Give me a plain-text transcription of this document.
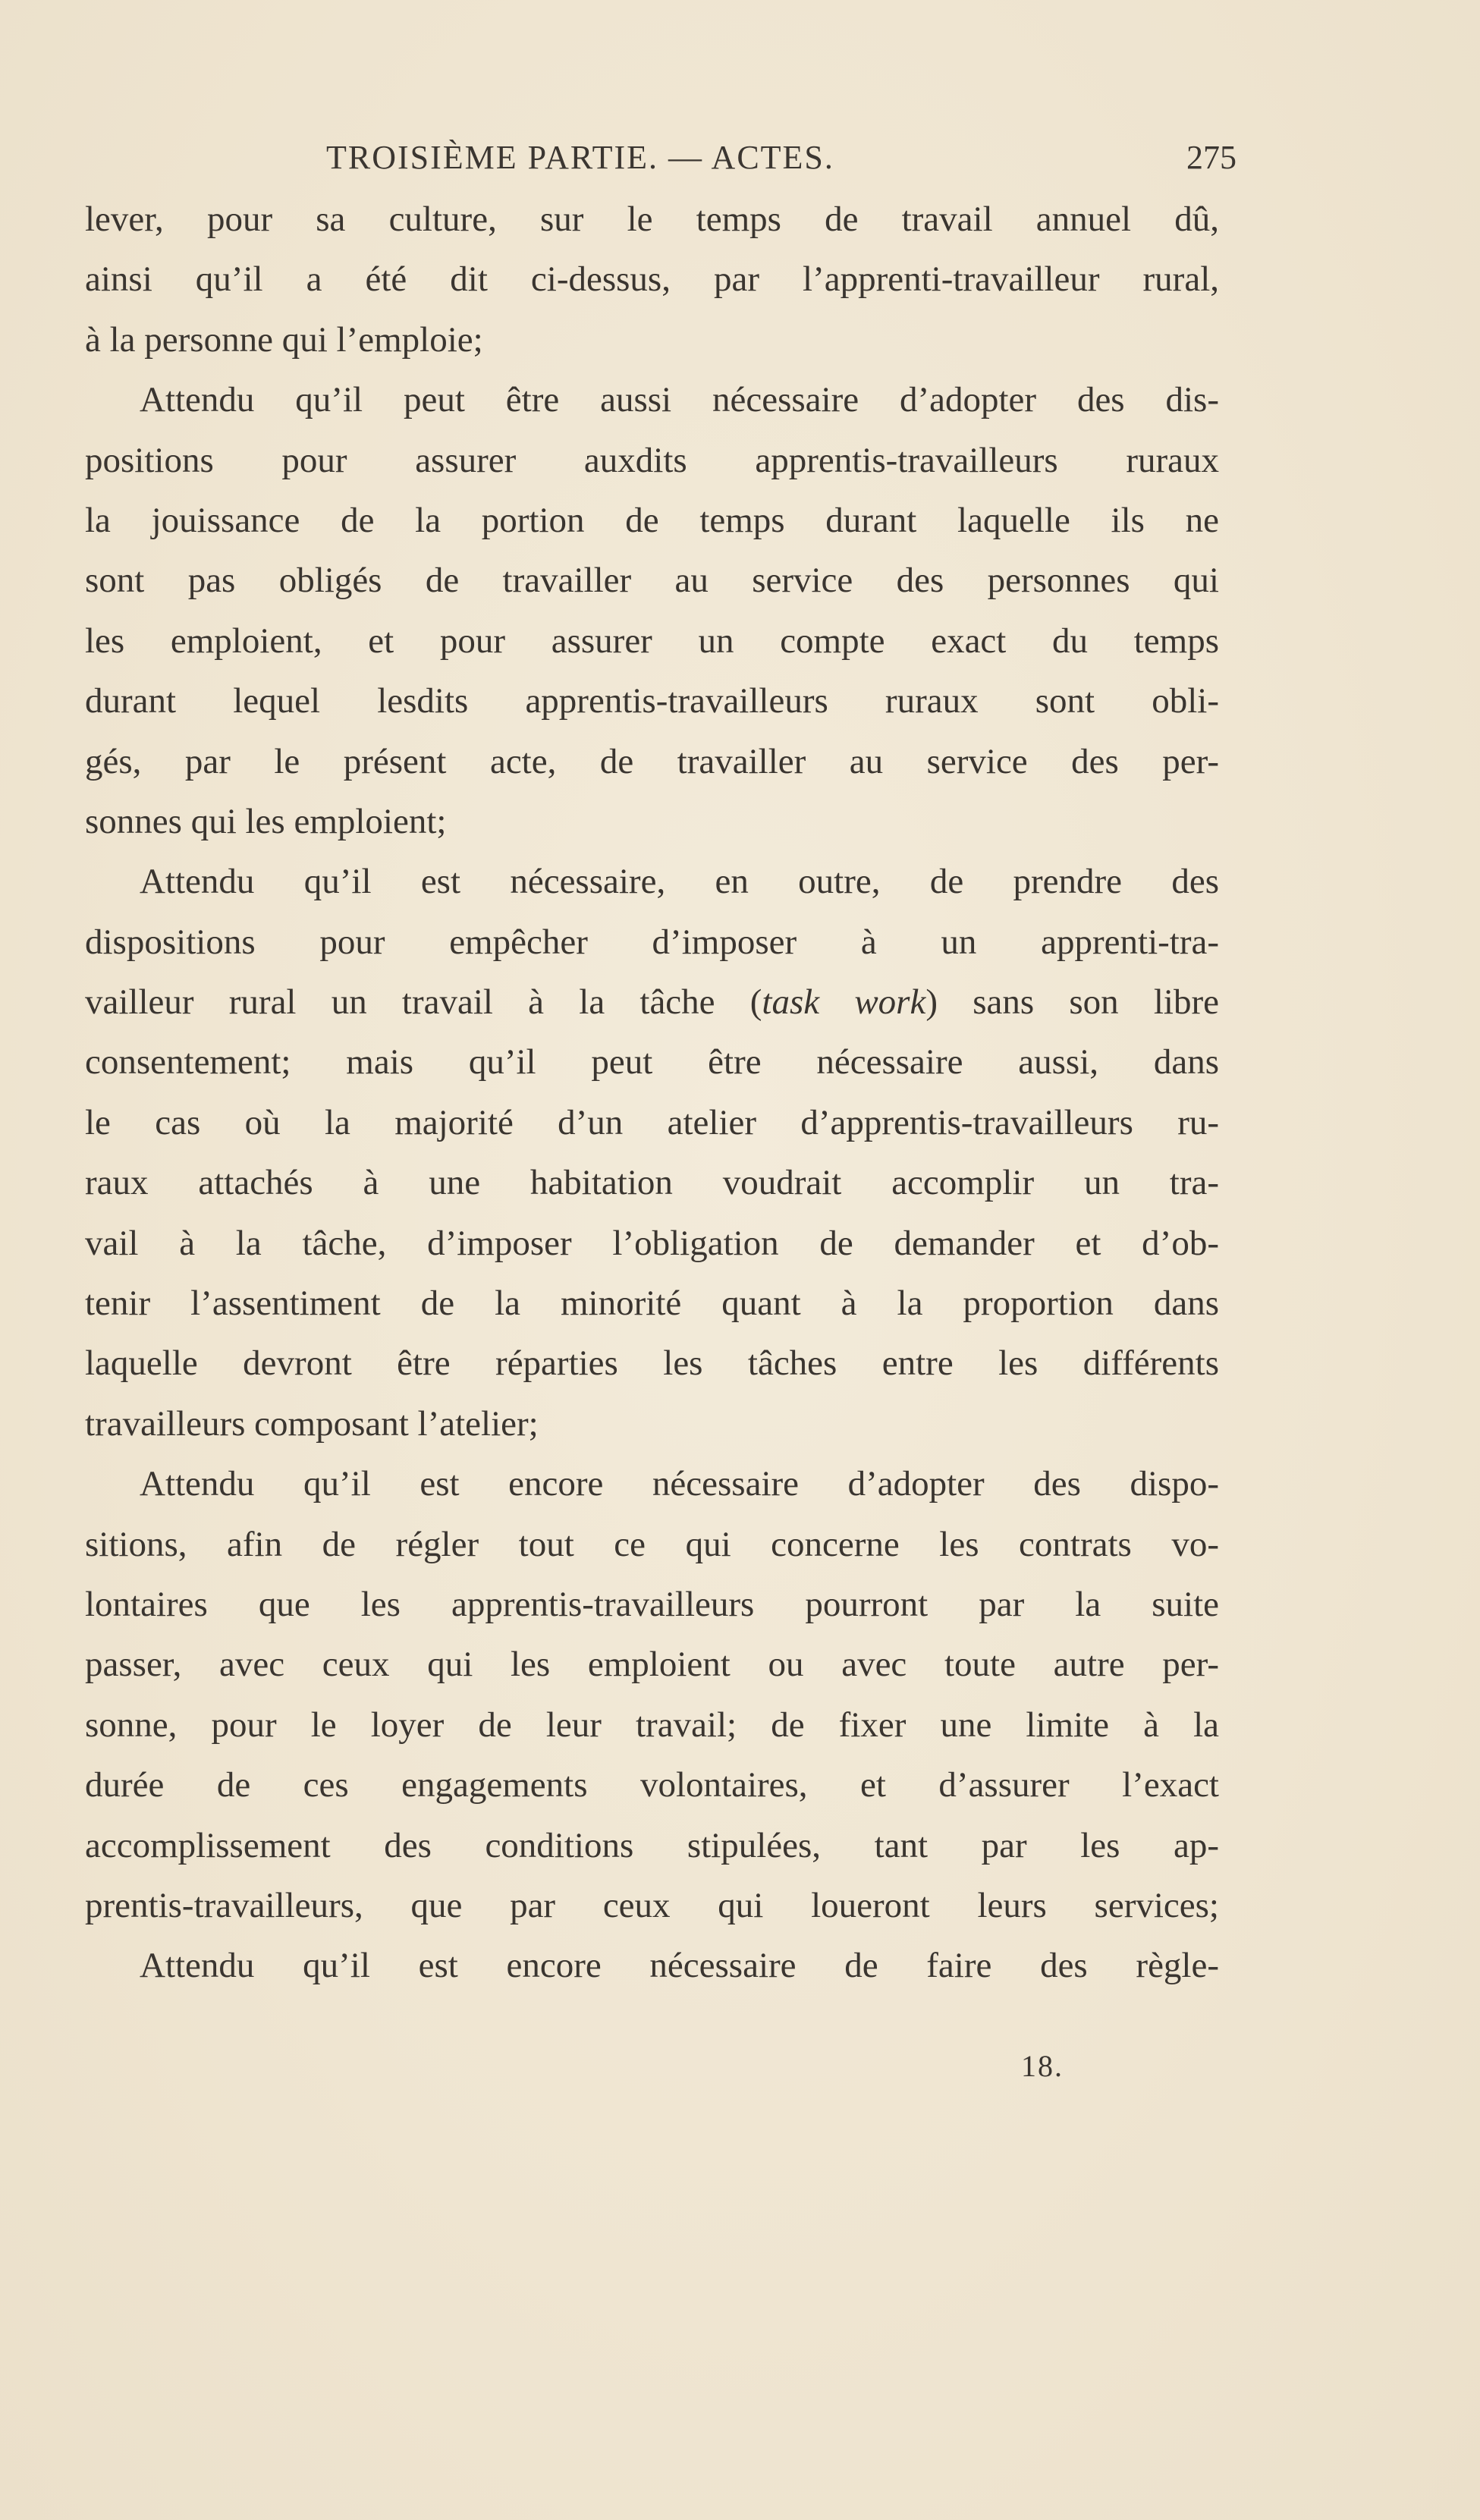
TROISIÈME PARTIE. — ACTES.	275
lever, pour sa culture, sur le temps de travail annuel dû,
ainsi qu’il a été dit ci-dessus, par l’apprenti-travailleur rural,
à la personne qui l’emploie;
Attendu qu’il peut être aussi nécessaire d’adopter des dis-
positions pour assurer auxdits apprentis-travailleurs ruraux
la jouissance de la portion de temps durant laquelle ils ne
sont pas obligés de travailler au service des personnes qui
les emploient, et pour assurer un compte exact du temps
durant lequel lesdits apprentis-travailleurs ruraux sont obli-
gés, par le présent acte, de travailler au service des per-
sonnes qui les emploient;
Attendu qu’il est nécessaire, en outre, de prendre des
dispositions pour empêcher d’imposer à un apprenti-tra-
vailleur rural un travail à la tâche (task work) sans son libre
consentement; mais qu’il peut être nécessaire aussi, dans
le cas où la majorité d’un atelier d’apprentis-travailleurs ru-
raux attachés à une habitation voudrait accomplir un tra-
vail à la tâche, d’imposer l’obligation de demander et d’ob-
tenir l’assentiment de la minorité quant à la proportion dans
laquelle devront être réparties les tâches entre les différents
travailleurs composant l’atelier;
Attendu qu’il est encore nécessaire d’adopter des dispo-
sitions, afin de régler tout ce qui concerne les contrats vo-
lontaires que les apprentis-travailleurs pourront par la suite
passer, avec ceux qui les emploient ou avec toute autre per-
sonne, pour le loyer de leur travail; de fixer une limite à la
durée de ces engagements volontaires, et d’assurer l’exact
accomplissement des conditions stipulées, tant par les ap-
prentis-travailleurs, que par ceux qui loueront leurs services;
Attendu qu’il est encore nécessaire de faire des règle-
18.
